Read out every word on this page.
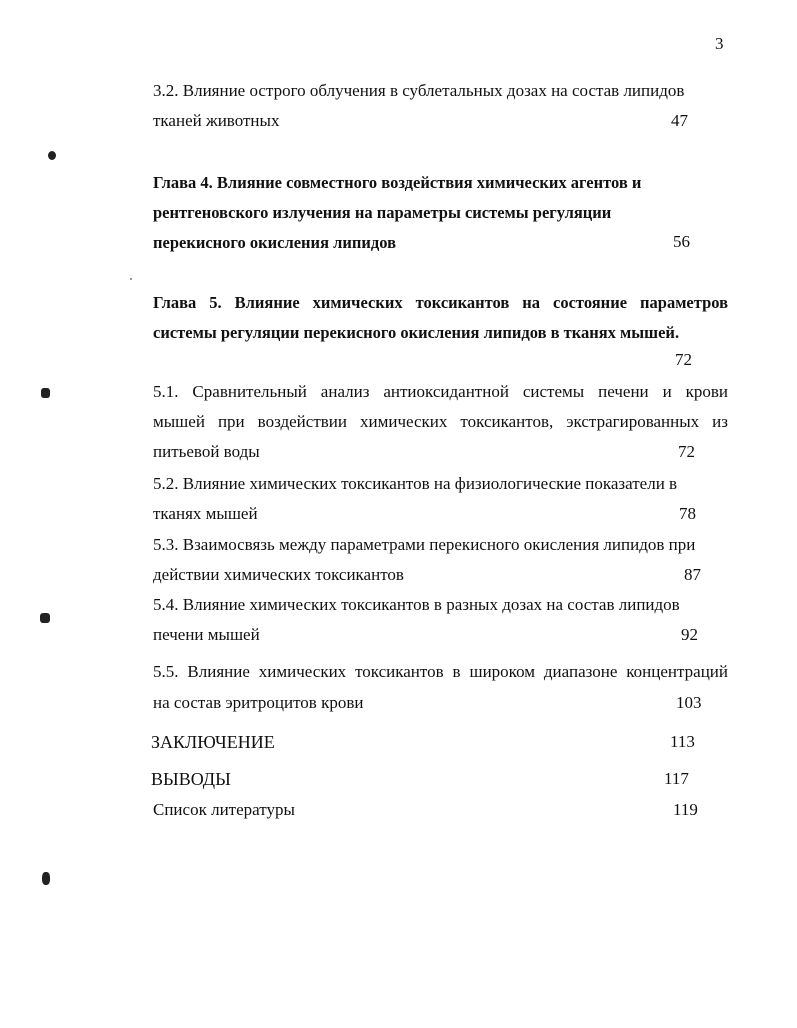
3
3.2. Влияние острого облучения в сублетальных дозах на состав липидов
тканей животных	47
Глава 4. Влияние совместного воздействия химических агентов и
рентгеновского излучения на параметры системы регуляции
перекисного окисления липидов	56
Глава 5. Влияние химических токсикантов на состояние параметров
системы регуляции перекисного окисления липидов в тканях мышей.
72
5.1. Сравнительный анализ антиоксидантной системы печени и крови
мышей при воздействии химических токсикантов, экстрагированных из
питьевой воды	72
5.2. Влияние химических токсикантов на физиологические показатели в
тканях мышей	78
5.3. Взаимосвязь между параметрами перекисного окисления липидов при
действии химических токсикантов	87
5.4. Влияние химических токсикантов в разных дозах на состав липидов
печени мышей	92
5.5. Влияние химических токсикантов в широком диапазоне концентраций
на состав эритроцитов крови	103
ЗАКЛЮЧЕНИЕ	113
ВЫВОДЫ	117
Список литературы	119
